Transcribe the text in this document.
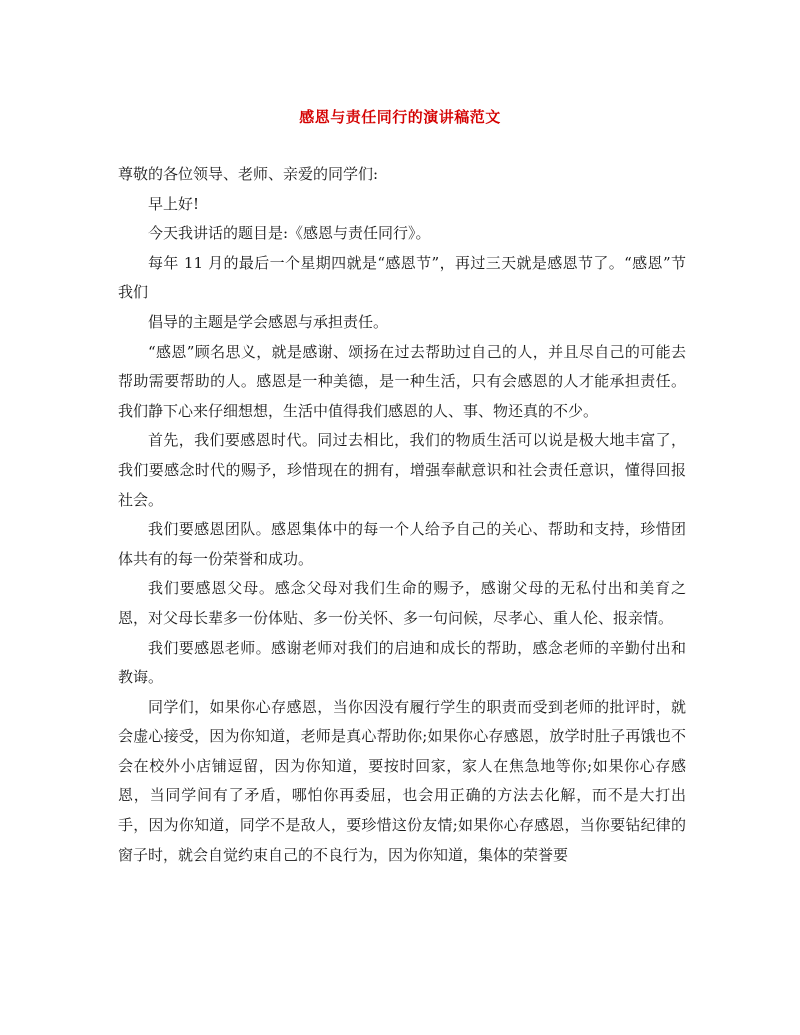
感恩与责任同行的演讲稿范文

尊敬的各位领导、老师、亲爱的同学们:

早上好!

今天我讲话的题目是:《感恩与责任同行》。

每年 11 月的最后一个星期四就是“感恩节”，再过三天就是感恩节了。“感恩”节我们

倡导的主题是学会感恩与承担责任。

“感恩”顾名思义，就是感谢、颂扬在过去帮助过自己的人，并且尽自己的可能去帮助需要帮助的人。感恩是一种美德，是一种生活，只有会感恩的人才能承担责任。我们静下心来仔细想想，生活中值得我们感恩的人、事、物还真的不少。

首先，我们要感恩时代。同过去相比，我们的物质生活可以说是极大地丰富了，我们要感念时代的赐予，珍惜现在的拥有，增强奉献意识和社会责任意识，懂得回报社会。

我们要感恩团队。感恩集体中的每一个人给予自己的关心、帮助和支持，珍惜团体共有的每一份荣誉和成功。

我们要感恩父母。感念父母对我们生命的赐予，感谢父母的无私付出和美育之恩，对父母长辈多一份体贴、多一份关怀、多一句问候，尽孝心、重人伦、报亲情。

我们要感恩老师。感谢老师对我们的启迪和成长的帮助，感念老师的辛勤付出和教诲。

同学们，如果你心存感恩，当你因没有履行学生的职责而受到老师的批评时，就会虚心接受，因为你知道，老师是真心帮助你;如果你心存感恩，放学时肚子再饿也不会在校外小店铺逗留，因为你知道，要按时回家，家人在焦急地等你;如果你心存感恩，当同学间有了矛盾，哪怕你再委屈，也会用正确的方法去化解，而不是大打出手，因为你知道，同学不是敌人，要珍惜这份友情;如果你心存感恩，当你要钻纪律的窗子时，就会自觉约束自己的不良行为，因为你知道，集体的荣誉要
